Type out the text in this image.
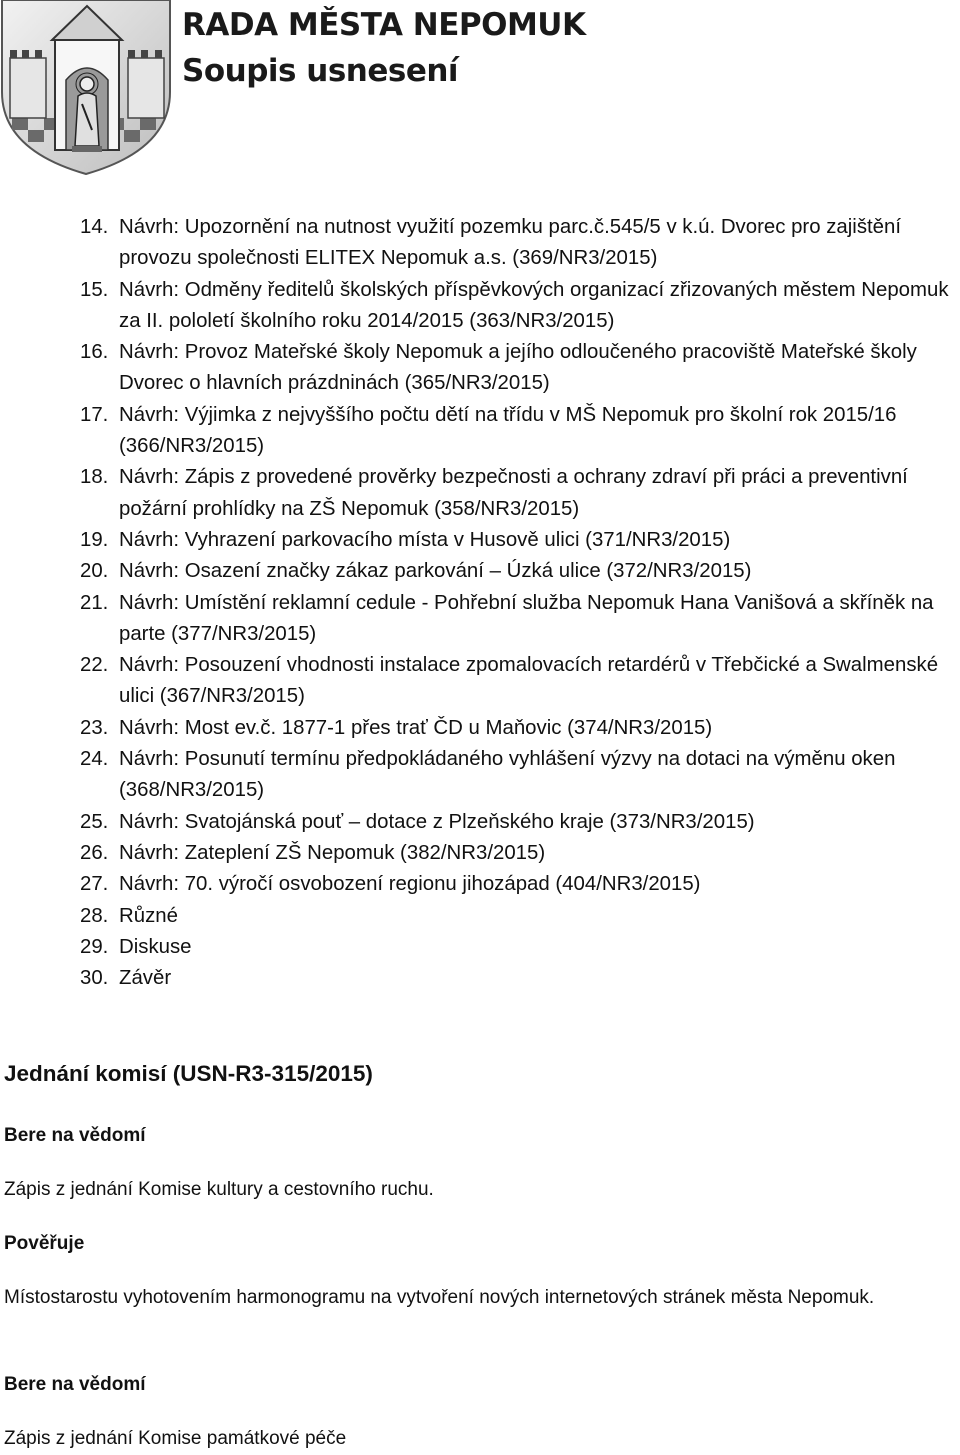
RADA MĚSTA NEPOMUK
Soupis usnesení
14. Návrh: Upozornění na nutnost využití pozemku parc.č.545/5 v k.ú. Dvorec pro zajištění provozu společnosti ELITEX Nepomuk a.s. (369/NR3/2015)
15. Návrh: Odměny ředitelů školských příspěvkových organizací zřizovaných městem Nepomuk za II. pololetí školního roku 2014/2015 (363/NR3/2015)
16. Návrh: Provoz Mateřské školy Nepomuk a jejího odloučeného pracoviště Mateřské školy Dvorec o hlavních prázdninách (365/NR3/2015)
17. Návrh: Výjimka z nejvyššího počtu dětí na třídu v MŠ Nepomuk pro školní rok 2015/16 (366/NR3/2015)
18. Návrh: Zápis z provedené prověrky bezpečnosti a ochrany zdraví při práci a preventivní požární prohlídky na ZŠ Nepomuk (358/NR3/2015)
19. Návrh: Vyhrazení parkovacího místa v Husově ulici (371/NR3/2015)
20. Návrh: Osazení značky zákaz parkování – Úzká ulice (372/NR3/2015)
21. Návrh: Umístění reklamní cedule - Pohřební služba Nepomuk Hana Vanišová a skříněk na parte (377/NR3/2015)
22. Návrh: Posouzení vhodnosti instalace zpomalovacích retardérů v Třebčické a Swalmenské ulici (367/NR3/2015)
23. Návrh: Most ev.č. 1877-1 přes trať ČD u Maňovic (374/NR3/2015)
24. Návrh: Posunutí termínu předpokládaného vyhlášení výzvy na dotaci na výměnu oken (368/NR3/2015)
25. Návrh: Svatojánská pouť – dotace z Plzeňského kraje (373/NR3/2015)
26. Návrh: Zateplení ZŠ Nepomuk (382/NR3/2015)
27. Návrh: 70. výročí osvobození regionu jihozápad (404/NR3/2015)
28. Různé
29. Diskuse
30. Závěr
Jednání komisí (USN-R3-315/2015)
Bere na vědomí
Zápis z jednání Komise kultury a cestovního ruchu.
Pověřuje
Místostarostu vyhotovením harmonogramu na vytvoření nových internetových stránek města Nepomuk.
Bere na vědomí
Zápis z jednání Komise památkové péče
